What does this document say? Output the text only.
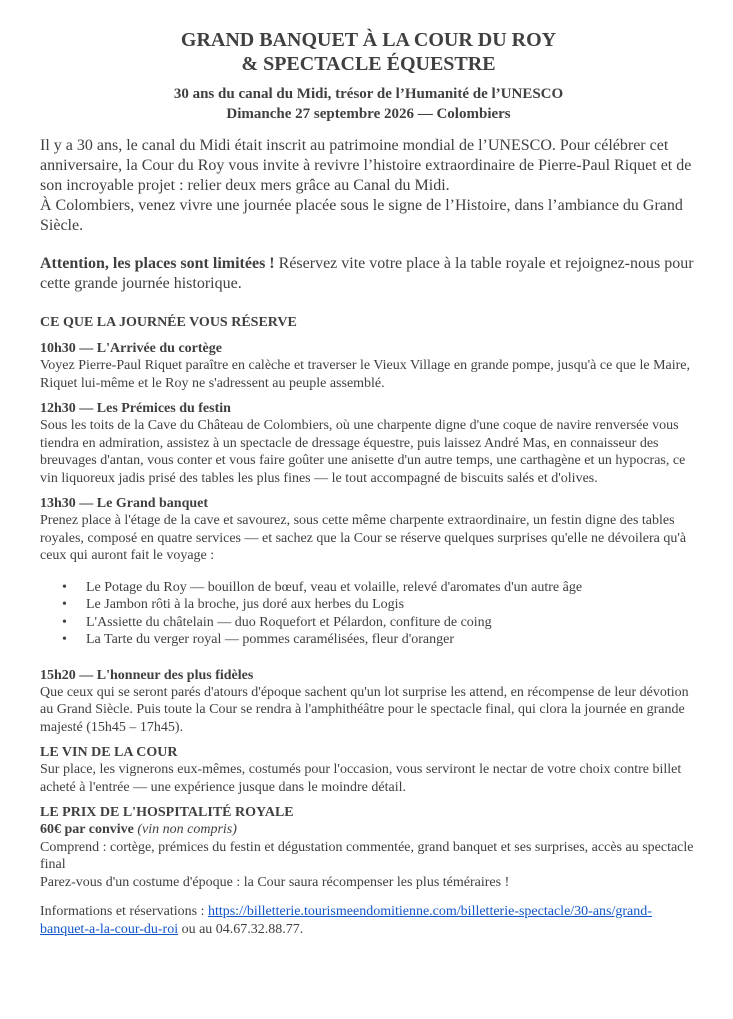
GRAND BANQUET À LA COUR DU ROY
& SPECTACLE ÉQUESTRE

30 ans du canal du Midi, trésor de l’Humanité de l’UNESCO
Dimanche 27 septembre 2026 — Colombiers

Il y a 30 ans, le canal du Midi était inscrit au patrimoine mondial de l’UNESCO. Pour célébrer cet anniversaire, la Cour du Roy vous invite à revivre l’histoire extraordinaire de Pierre-Paul Riquet et de son incroyable projet : relier deux mers grâce au Canal du Midi.
À Colombiers, venez vivre une journée placée sous le signe de l’Histoire, dans l’ambiance du Grand Siècle.

Attention, les places sont limitées ! Réservez vite votre place à la table royale et rejoignez-nous pour cette grande journée historique.

CE QUE LA JOURNÉE VOUS RÉSERVE

10h30 — L'Arrivée du cortège

Voyez Pierre-Paul Riquet paraître en calèche et traverser le Vieux Village en grande pompe, jusqu'à ce que le Maire, Riquet lui-même et le Roy ne s'adressent au peuple assemblé.

12h30 — Les Prémices du festin

Sous les toits de la Cave du Château de Colombiers, où une charpente digne d'une coque de navire renversée vous tiendra en admiration, assistez à un spectacle de dressage équestre, puis laissez André Mas, en connaisseur des breuvages d'antan, vous conter et vous faire goûter une anisette d'un autre temps, une carthagène et un hypocras, ce vin liquoreux jadis prisé des tables les plus fines — le tout accompagné de biscuits salés et d'olives.

13h30 — Le Grand banquet

Prenez place à l'étage de la cave et savourez, sous cette même charpente extraordinaire, un festin digne des tables royales, composé en quatre services — et sachez que la Cour se réserve quelques surprises qu'elle ne dévoilera qu'à ceux qui auront fait le voyage :

• Le Potage du Roy — bouillon de bœuf, veau et volaille, relevé d'aromates d'un autre âge
• Le Jambon rôti à la broche, jus doré aux herbes du Logis
• L'Assiette du châtelain — duo Roquefort et Pélardon, confiture de coing
• La Tarte du verger royal — pommes caramélisées, fleur d'oranger

15h20 — L'honneur des plus fidèles

Que ceux qui se seront parés d'atours d'époque sachent qu'un lot surprise les attend, en récompense de leur dévotion au Grand Siècle. Puis toute la Cour se rendra à l'amphithéâtre pour le spectacle final, qui clora la journée en grande majesté (15h45 – 17h45).

LE VIN DE LA COUR

Sur place, les vignerons eux-mêmes, costumés pour l'occasion, vous serviront le nectar de votre choix contre billet acheté à l'entrée — une expérience jusque dans le moindre détail.

LE PRIX DE L'HOSPITALITÉ ROYALE

60€ par convive (vin non compris)

Comprend : cortège, prémices du festin et dégustation commentée, grand banquet et ses surprises, accès au spectacle final

Parez-vous d'un costume d'époque : la Cour saura récompenser les plus téméraires !

Informations et réservations : https://billetterie.tourismeendomitienne.com/billetterie-spectacle/30-ans/grand-banquet-a-la-cour-du-roi ou au 04.67.32.88.77.
